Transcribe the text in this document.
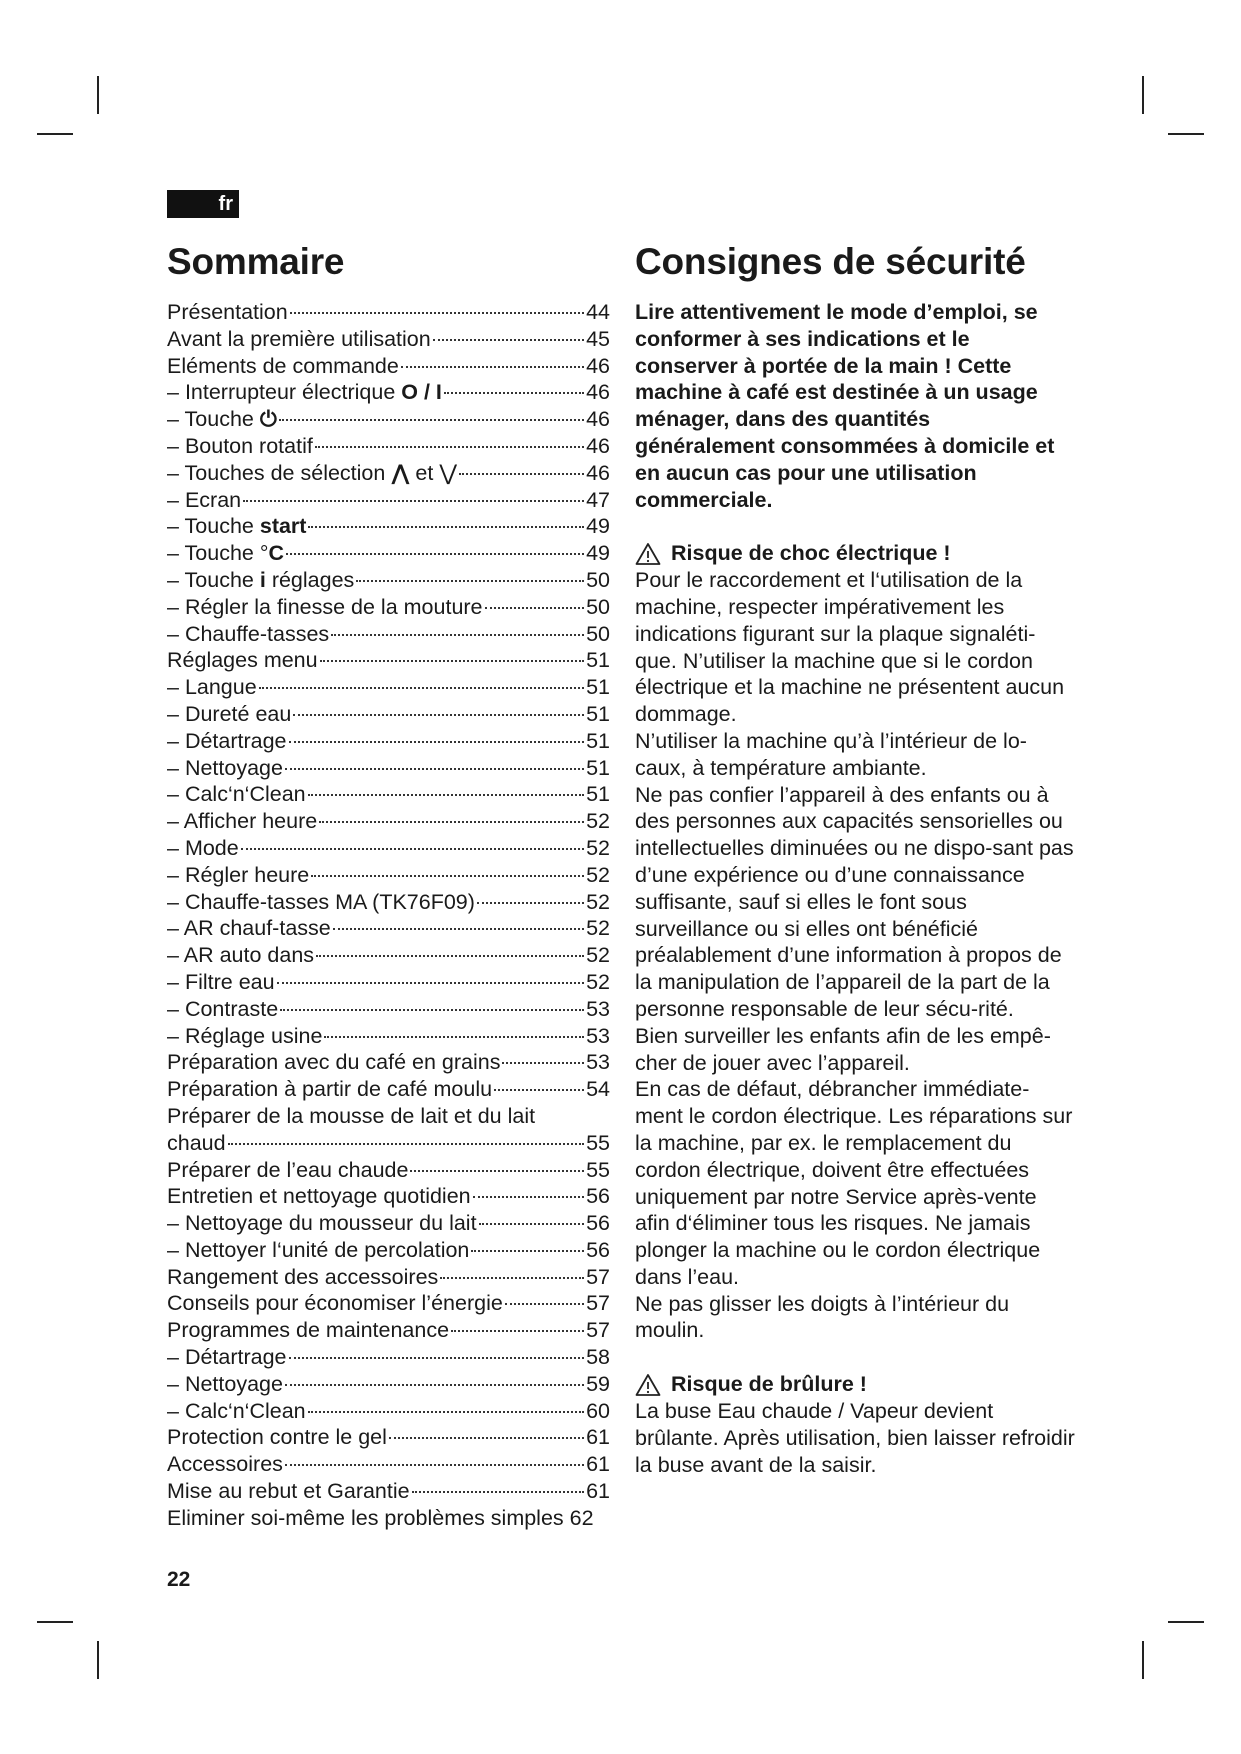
fr
Sommaire	Consignes de sécurité
Présentation	44
Avant la première utilisation	45
Eléments de commande	46
– Interrupteur électrique O / I	46
– Touche ⏻	46
– Bouton rotatif	46
– Touches de sélection ⋀ et ⋁	46
– Ecran	47
– Touche start	49
– Touche °C	49
– Touche i réglages	50
– Régler la finesse de la mouture	50
– Chauffe-tasses	50
Réglages menu	51
– Langue	51
– Dureté eau	51
– Détartrage	51
– Nettoyage	51
– Calc‘n‘Clean	51
– Afficher heure	52
– Mode	52
– Régler heure	52
– Chauffe-tasses MA (TK76F09)	52
– AR chauf-tasse	52
– AR auto dans	52
– Filtre eau	52
– Contraste	53
– Réglage usine	53
Préparation avec du café en grains	53
Préparation à partir de café moulu	54
Préparer de la mousse de lait et du lait
chaud	55
Préparer de l’eau chaude	55
Entretien et nettoyage quotidien	56
– Nettoyage du mousseur du lait	56
– Nettoyer l‘unité de percolation	56
Rangement des accessoires	57
Conseils pour économiser l’énergie	57
Programmes de maintenance	57
– Détartrage	58
– Nettoyage	59
– Calc‘n‘Clean	60
Protection contre le gel	61
Accessoires	61
Mise au rebut et Garantie	61
Eliminer soi-même les problèmes simples 62

Lire attentivement le mode d’emploi, se conformer à ses indications et le conserver à portée de la main ! Cette machine à café est destinée à un usage ménager, dans des quantités généralement consommées à domicile et en aucun cas pour une utilisation commerciale.

Risque de choc électrique !

Pour le raccordement et l‘utilisation de la machine, respecter impérativement les indications figurant sur la plaque signaléti-que. N’utiliser la machine que si le cordon électrique et la machine ne présentent aucun dommage.

N’utiliser la machine qu’à l’intérieur de lo-caux, à température ambiante.

Ne pas confier l’appareil à des enfants ou à des personnes aux capacités sensorielles ou intellectuelles diminuées ou ne dispo-sant pas d’une expérience ou d’une connaissance suffisante, sauf si elles le font sous surveillance ou si elles ont bénéficié préalablement d’une information à propos de la manipulation de l’appareil de la part de la personne responsable de leur sécu-rité.

Bien surveiller les enfants afin de les empê-cher de jouer avec l’appareil.

En cas de défaut, débrancher immédiate-ment le cordon électrique. Les réparations sur la machine, par ex. le remplacement du cordon électrique, doivent être effectuées uniquement par notre Service après-vente afin d‘éliminer tous les risques. Ne jamais plonger la machine ou le cordon électrique dans l’eau.

Ne pas glisser les doigts à l’intérieur du moulin.

Risque de brûlure !

La buse Eau chaude / Vapeur devient brûlante. Après utilisation, bien laisser refroidir la buse avant de la saisir.

22
